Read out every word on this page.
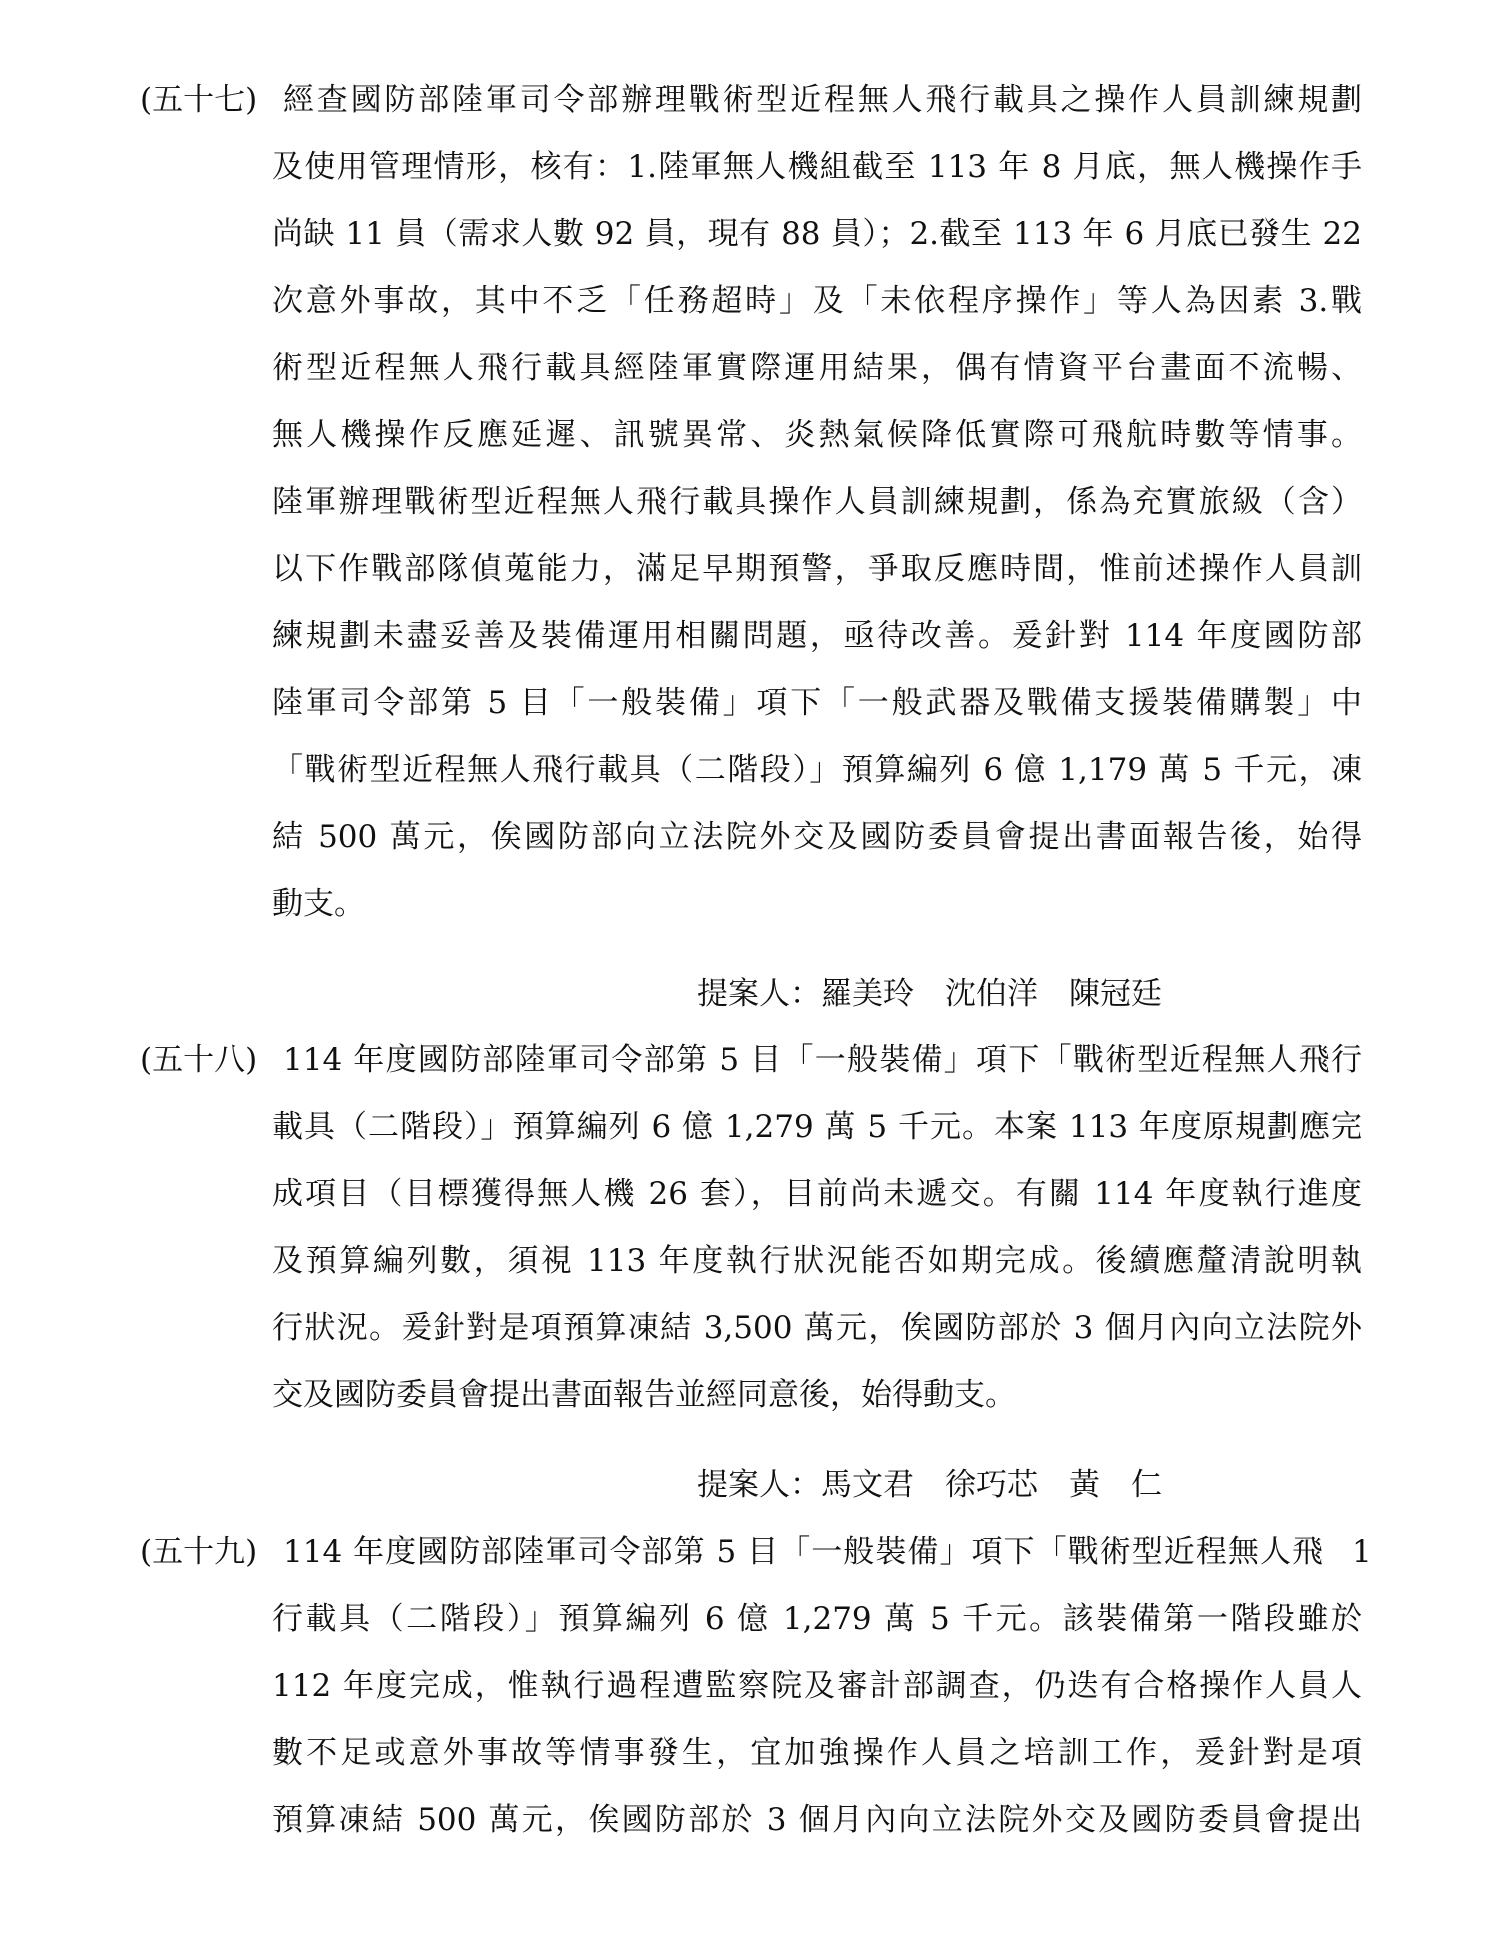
(五十七) 經查國防部陸軍司令部辦理戰術型近程無人飛行載具之操作人員訓練規劃
及使用管理情形，核有：1.陸軍無人機組截至 113 年 8 月底，無人機操作手
尚缺 11 員（需求人數 92 員，現有 88 員）；2.截至 113 年 6 月底已發生 22
次意外事故，其中不乏「任務超時」及「未依程序操作」等人為因素 3.戰
術型近程無人飛行載具經陸軍實際運用結果，偶有情資平台畫面不流暢、
無人機操作反應延遲、訊號異常、炎熱氣候降低實際可飛航時數等情事。
陸軍辦理戰術型近程無人飛行載具操作人員訓練規劃，係為充實旅級（含）
以下作戰部隊偵蒐能力，滿足早期預警，爭取反應時間，惟前述操作人員訓
練規劃未盡妥善及裝備運用相關問題，亟待改善。爰針對 114 年度國防部
陸軍司令部第 5 目「一般裝備」項下「一般武器及戰備支援裝備購製」中
「戰術型近程無人飛行載具（二階段）」預算編列 6 億 1,179 萬 5 千元，凍
結 500 萬元，俟國防部向立法院外交及國防委員會提出書面報告後，始得
動支。
提案人：羅美玲　沈伯洋　陳冠廷
(五十八) 114 年度國防部陸軍司令部第 5 目「一般裝備」項下「戰術型近程無人飛行
載具（二階段）」預算編列 6 億 1,279 萬 5 千元。本案 113 年度原規劃應完
成項目（目標獲得無人機 26 套），目前尚未遞交。有關 114 年度執行進度
及預算編列數，須視 113 年度執行狀況能否如期完成。後續應釐清說明執
行狀況。爰針對是項預算凍結 3,500 萬元，俟國防部於 3 個月內向立法院外
交及國防委員會提出書面報告並經同意後，始得動支。
提案人：馬文君　徐巧芯　黃　仁
(五十九) 114 年度國防部陸軍司令部第 5 目「一般裝備」項下「戰術型近程無人飛 1
行載具（二階段）」預算編列 6 億 1,279 萬 5 千元。該裝備第一階段雖於
112 年度完成，惟執行過程遭監察院及審計部調查，仍迭有合格操作人員人
數不足或意外事故等情事發生，宜加強操作人員之培訓工作，爰針對是項
預算凍結 500 萬元，俟國防部於 3 個月內向立法院外交及國防委員會提出
